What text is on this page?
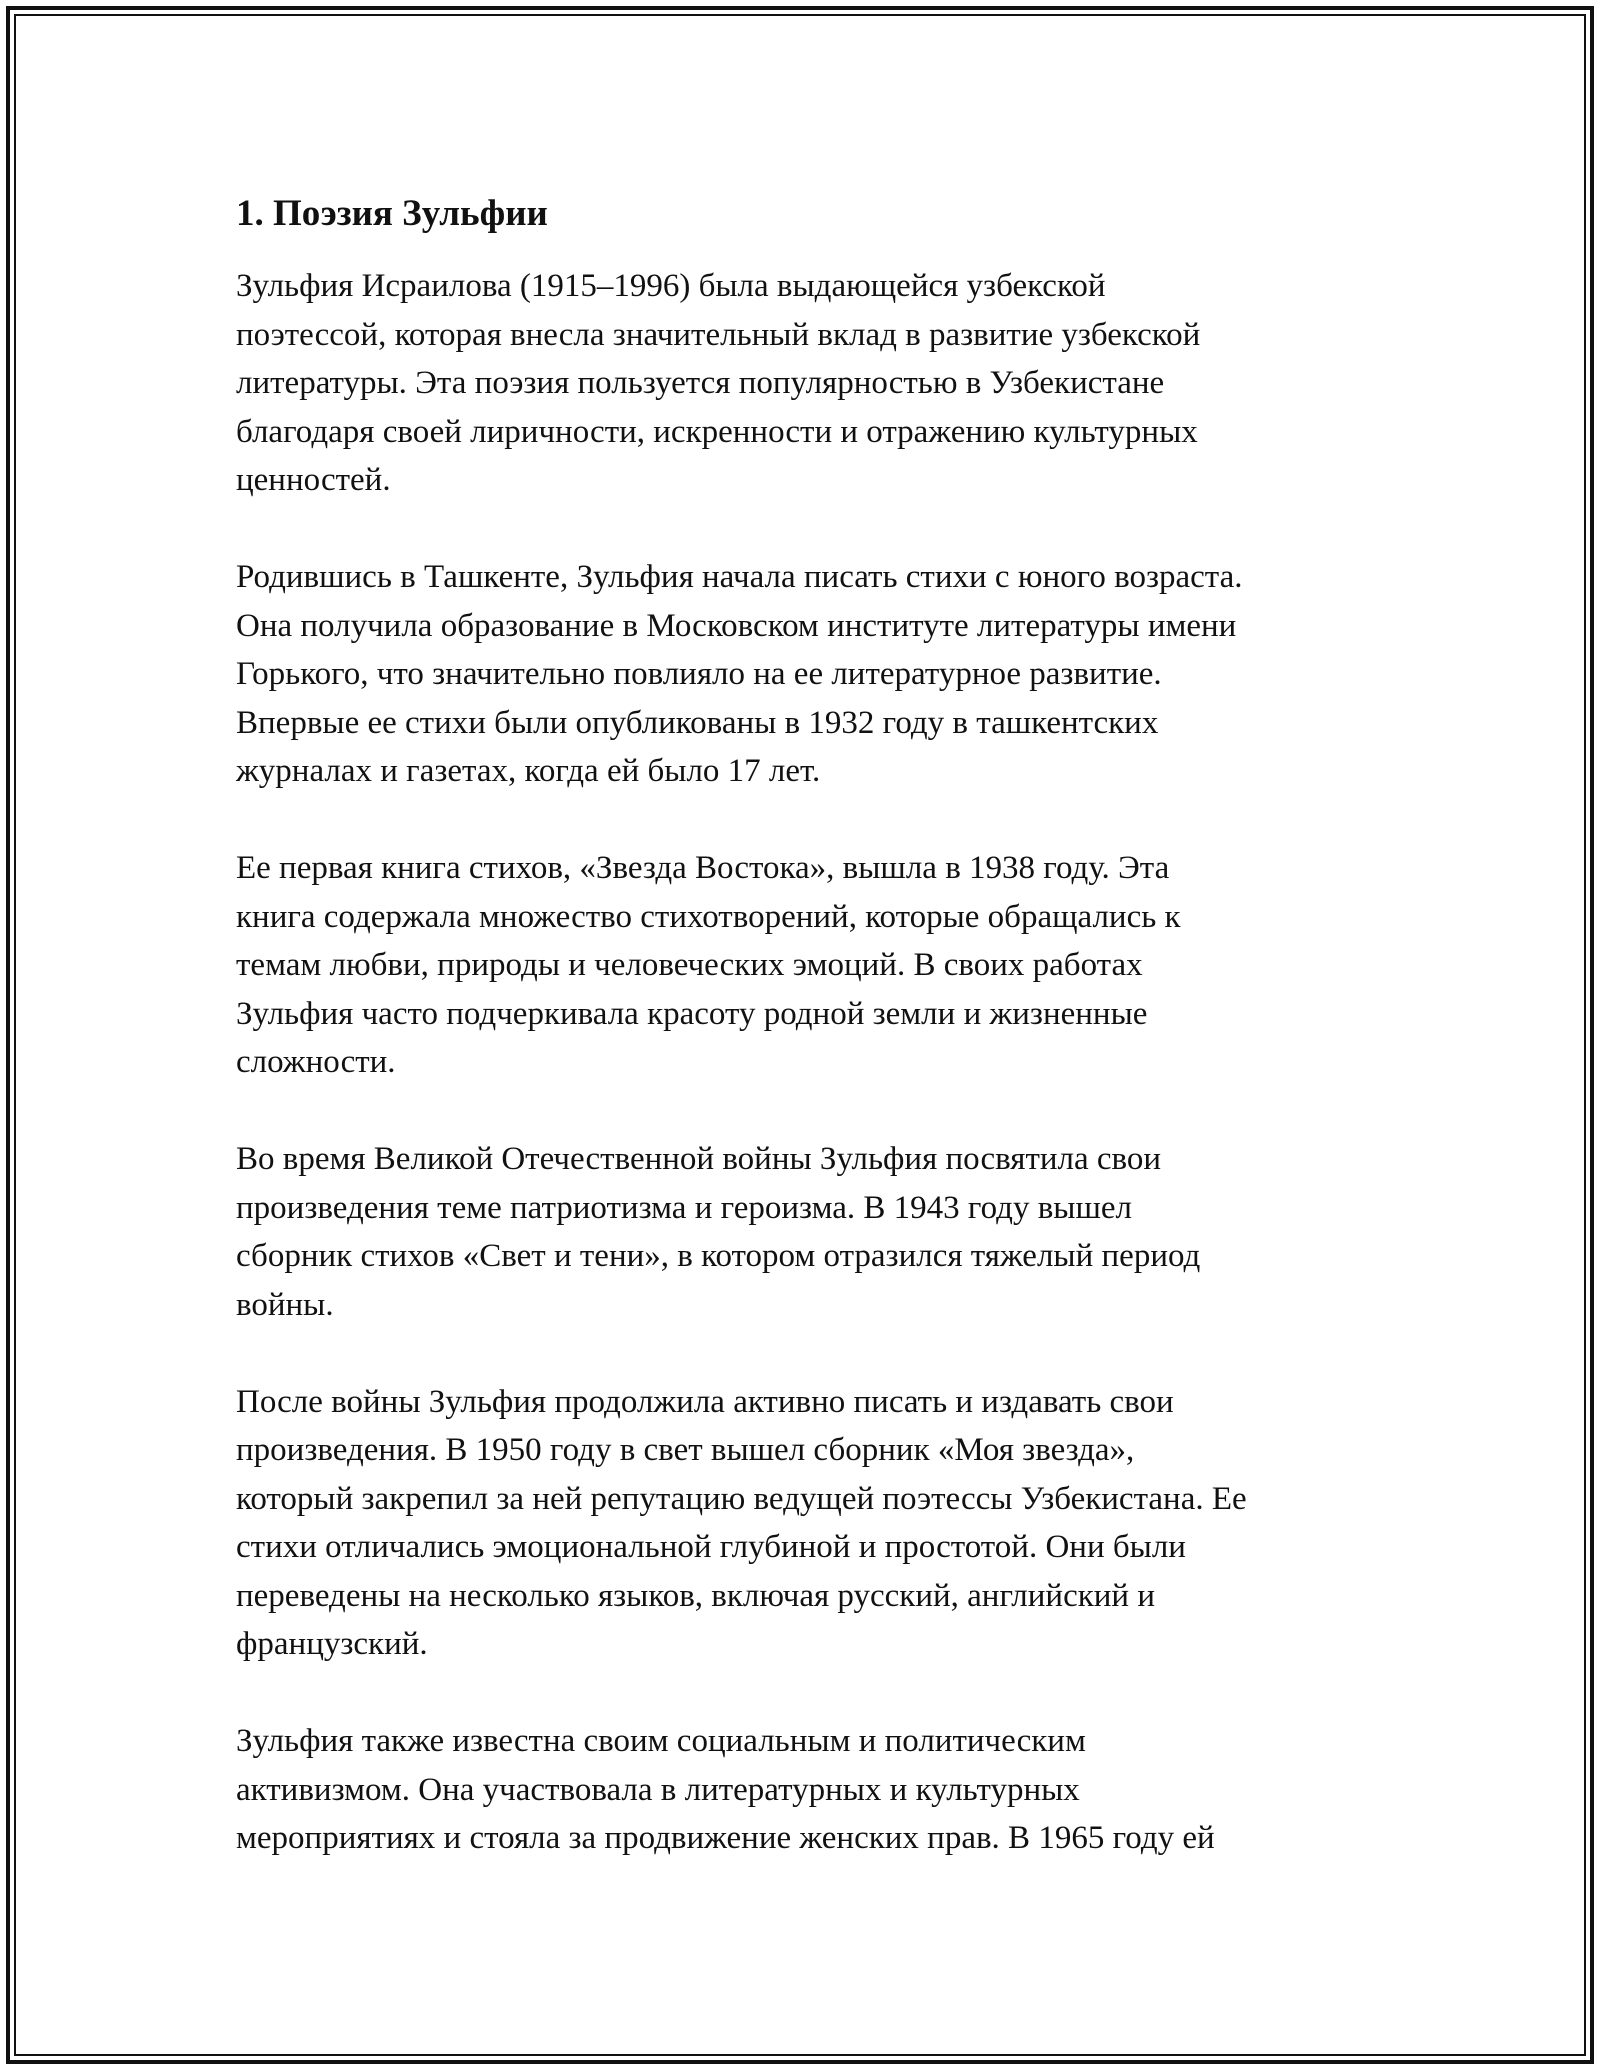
1. Поэзия Зульфии

Зульфия Исраилова (1915–1996) была выдающейся узбекской
поэтессой, которая внесла значительный вклад в развитие узбекской
литературы. Эта поэзия пользуется популярностью в Узбекистане
благодаря своей лиричности, искренности и отражению культурных
ценностей.

Родившись в Ташкенте, Зульфия начала писать стихи с юного возраста.
Она получила образование в Московском институте литературы имени
Горького, что значительно повлияло на ее литературное развитие.
Впервые ее стихи были опубликованы в 1932 году в ташкентских
журналах и газетах, когда ей было 17 лет.

Ее первая книга стихов, «Звезда Востока», вышла в 1938 году. Эта
книга содержала множество стихотворений, которые обращались к
темам любви, природы и человеческих эмоций. В своих работах
Зульфия часто подчеркивала красоту родной земли и жизненные
сложности.

Во время Великой Отечественной войны Зульфия посвятила свои
произведения теме патриотизма и героизма. В 1943 году вышел
сборник стихов «Свет и тени», в котором отразился тяжелый период
войны.

После войны Зульфия продолжила активно писать и издавать свои
произведения. В 1950 году в свет вышел сборник «Моя звезда»,
который закрепил за ней репутацию ведущей поэтессы Узбекистана. Ее
стихи отличались эмоциональной глубиной и простотой. Они были
переведены на несколько языков, включая русский, английский и
французский.

Зульфия также известна своим социальным и политическим
активизмом. Она участвовала в литературных и культурных
мероприятиях и стояла за продвижение женских прав. В 1965 году ей
